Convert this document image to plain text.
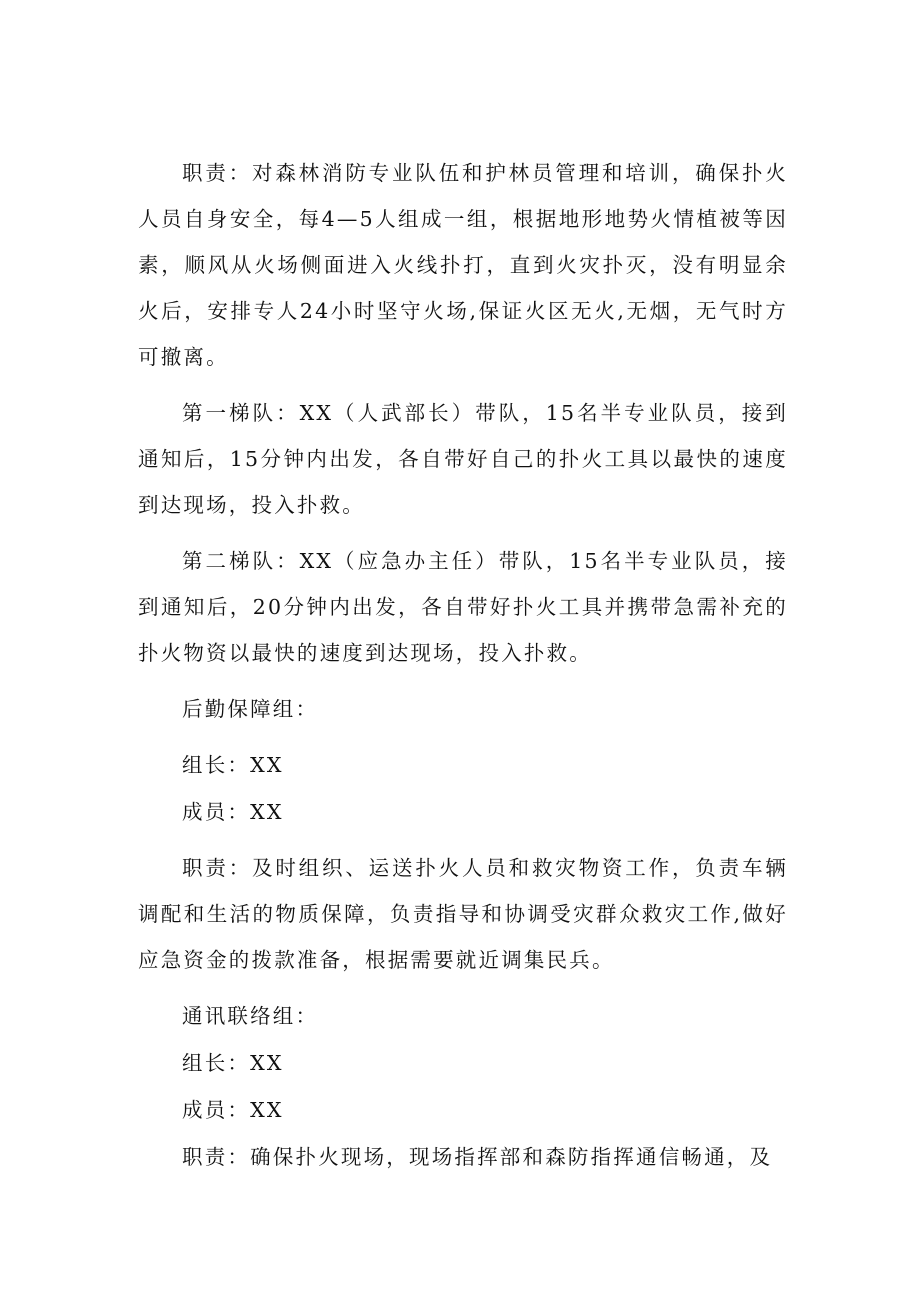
职责：对森林消防专业队伍和护林员管理和培训，确保扑火人员自身安全，每4—5人组成一组，根据地形地势火情植被等因素，顺风从火场侧面进入火线扑打，直到火灾扑灭，没有明显余火后，安排专人24小时坚守火场,保证火区无火,无烟，无气时方可撤离。

第一梯队：XX（人武部长）带队，15名半专业队员，接到通知后，15分钟内出发，各自带好自己的扑火工具以最快的速度到达现场，投入扑救。

第二梯队：XX（应急办主任）带队，15名半专业队员，接到通知后，20分钟内出发，各自带好扑火工具并携带急需补充的扑火物资以最快的速度到达现场，投入扑救。

后勤保障组：

组长：XX

成员：XX

职责：及时组织、运送扑火人员和救灾物资工作，负责车辆调配和生活的物质保障，负责指导和协调受灾群众救灾工作,做好应急资金的拨款准备，根据需要就近调集民兵。

通讯联络组：

组长：XX

成员：XX

职责：确保扑火现场，现场指挥部和森防指挥通信畅通，及
